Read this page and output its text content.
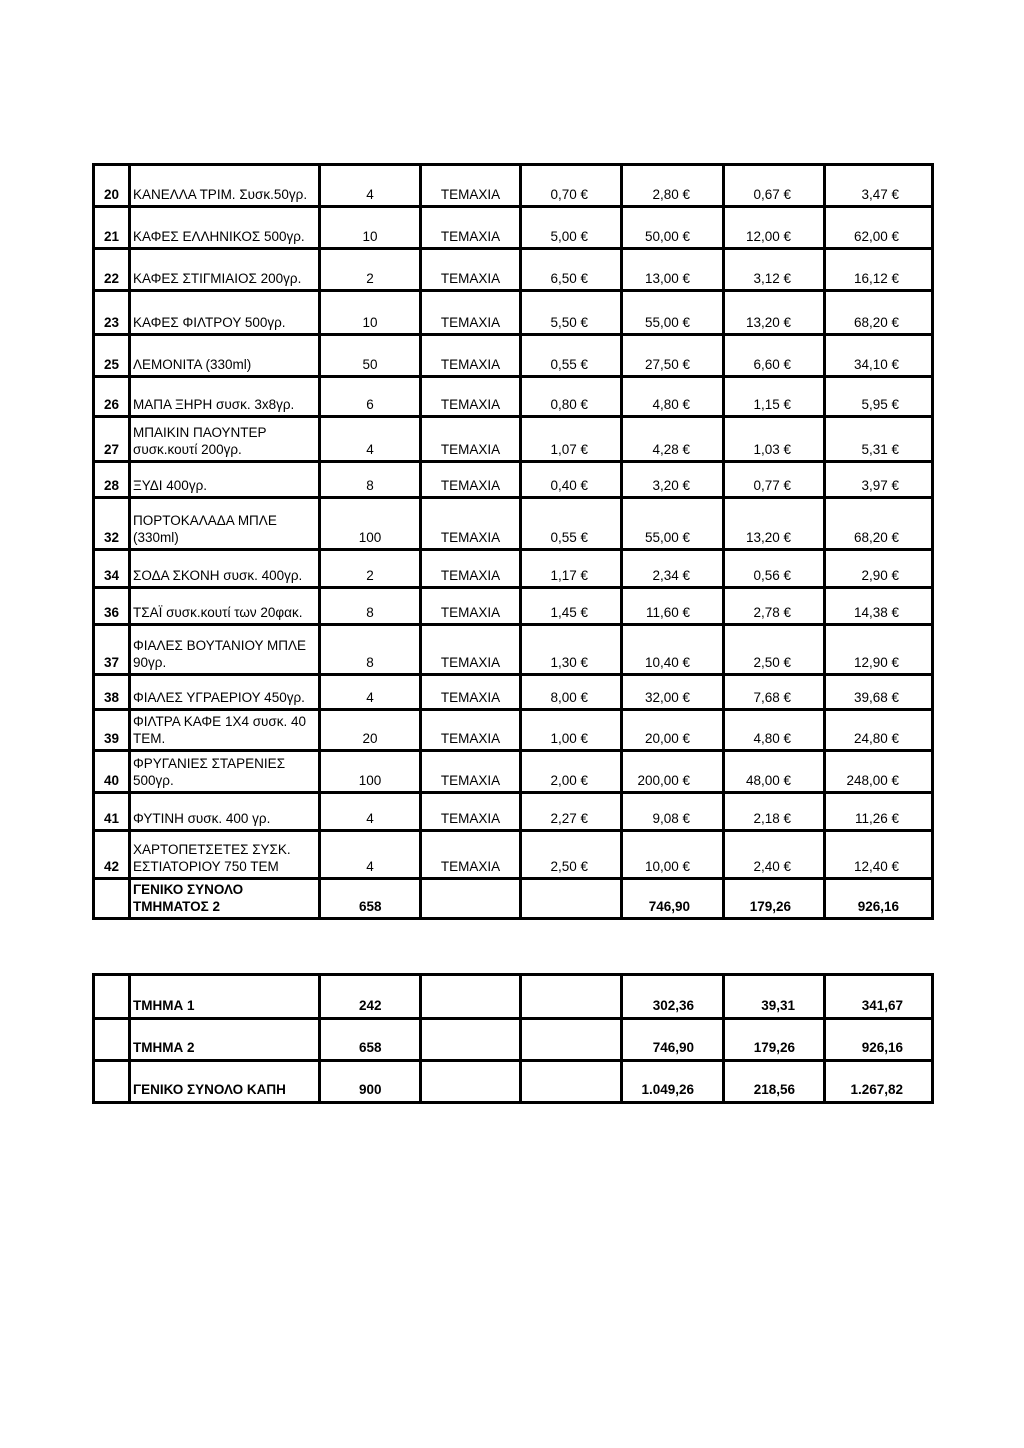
20	ΚΑΝΕΛΛΑ ΤΡΙΜ. Συσκ.50γρ.	4	ΤΕΜΑΧΙΑ	0,70 €	2,80 €	0,67 €	3,47 €
21	ΚΑΦΕΣ ΕΛΛΗΝΙΚΟΣ 500γρ.	10	ΤΕΜΑΧΙΑ	5,00 €	50,00 €	12,00 €	62,00 €
22	ΚΑΦΕΣ ΣΤΙΓΜΙΑΙΟΣ 200γρ.	2	ΤΕΜΑΧΙΑ	6,50 €	13,00 €	3,12 €	16,12 €
23	ΚΑΦΕΣ ΦΙΛΤΡΟΥ 500γρ.	10	ΤΕΜΑΧΙΑ	5,50 €	55,00 €	13,20 €	68,20 €
25	ΛΕΜΟΝΙΤΑ (330ml)	50	ΤΕΜΑΧΙΑ	0,55 €	27,50 €	6,60 €	34,10 €
26	ΜΑΠΑ ΞΗΡΗ συσκ. 3x8γρ.	6	ΤΕΜΑΧΙΑ	0,80 €	4,80 €	1,15 €	5,95 €
27	ΜΠΑΙΚΙΝ ΠΑΟΥΝΤΕΡ
συσκ.κουτί 200γρ.	4	ΤΕΜΑΧΙΑ	1,07 €	4,28 €	1,03 €	5,31 €
28	ΞΥΔΙ 400γρ.	8	ΤΕΜΑΧΙΑ	0,40 €	3,20 €	0,77 €	3,97 €
32	ΠΟΡΤΟΚΑΛΑΔΑ ΜΠΛΕ
(330ml)	100	ΤΕΜΑΧΙΑ	0,55 €	55,00 €	13,20 €	68,20 €
34	ΣΟΔΑ ΣΚΟΝΗ συσκ. 400γρ.	2	ΤΕΜΑΧΙΑ	1,17 €	2,34 €	0,56 €	2,90 €
36	ΤΣΑΪ συσκ.κουτί των 20φακ.	8	ΤΕΜΑΧΙΑ	1,45 €	11,60 €	2,78 €	14,38 €
37	ΦΙΑΛΕΣ ΒΟΥΤΑΝΙΟΥ ΜΠΛΕ
90γρ.	8	ΤΕΜΑΧΙΑ	1,30 €	10,40 €	2,50 €	12,90 €
38	ΦΙΑΛΕΣ ΥΓΡΑΕΡΙΟΥ 450γρ.	4	ΤΕΜΑΧΙΑ	8,00 €	32,00 €	7,68 €	39,68 €
39	ΦΙΛΤΡΑ ΚΑΦΕ 1Χ4 συσκ. 40
ΤΕΜ.	20	ΤΕΜΑΧΙΑ	1,00 €	20,00 €	4,80 €	24,80 €
40	ΦΡΥΓΑΝΙΕΣ ΣΤΑΡΕΝΙΕΣ
500γρ.	100	ΤΕΜΑΧΙΑ	2,00 €	200,00 €	48,00 €	248,00 €
41	ΦΥΤΙΝΗ συσκ. 400 γρ.	4	ΤΕΜΑΧΙΑ	2,27 €	9,08 €	2,18 €	11,26 €
42	ΧΑΡΤΟΠΕΤΣΕΤΕΣ ΣΥΣΚ.
ΕΣΤΙΑΤΟΡΙΟΥ 750 ΤΕΜ	4	ΤΕΜΑΧΙΑ	2,50 €	10,00 €	2,40 €	12,40 €

	ΓΕΝΙΚΟ ΣΥΝΟΛΟ
ΤΜΗΜΑΤΟΣ 2	658			746,90	179,26	926,16
	ΤΜΗΜΑ 1	242			302,36	39,31	341,67
	ΤΜΗΜΑ 2	658			746,90	179,26	926,16
	ΓΕΝΙΚΟ ΣΥΝΟΛΟ ΚΑΠΗ	900			1.049,26	218,56	1.267,82
